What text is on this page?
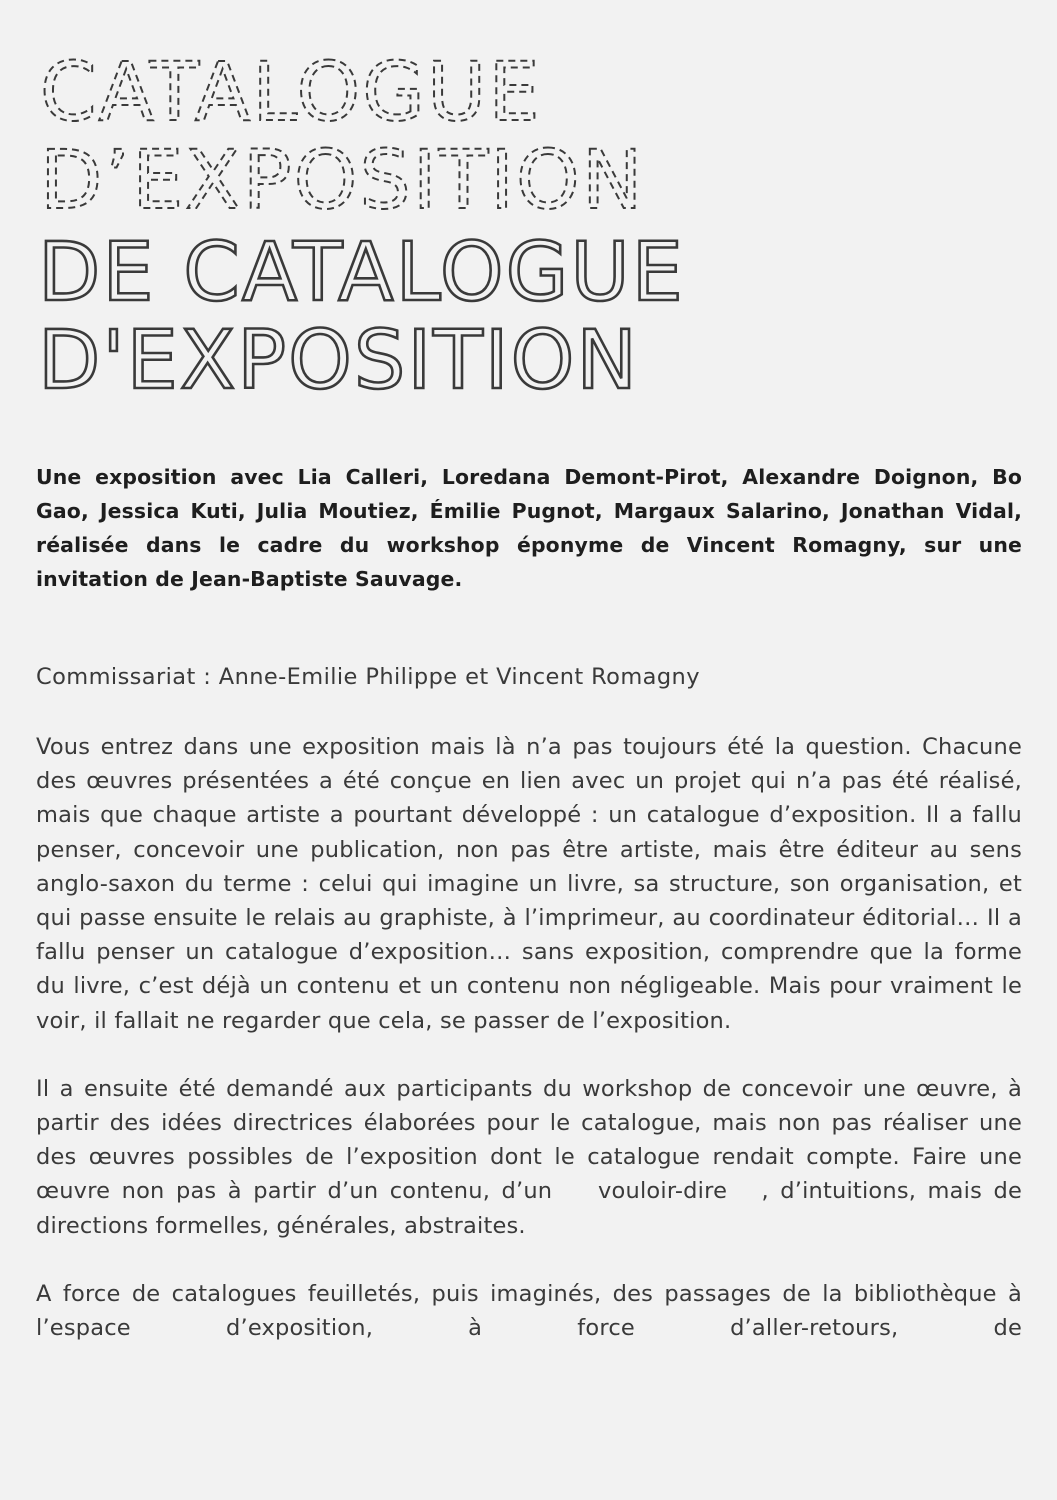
CATALOGUE
D’EXPOSITION
DE CATALOGUE
D'EXPOSITION

Une exposition avec Lia Calleri, Loredana Demont-Pirot, Alexandre Doignon, Bo Gao, Jessica Kuti, Julia Moutiez, Émilie Pugnot, Margaux Salarino, Jonathan Vidal, réalisée dans le cadre du workshop éponyme de Vincent Romagny, sur une invitation de Jean-Baptiste Sauvage.

Commissariat : Anne-Emilie Philippe et Vincent Romagny

Vous entrez dans une exposition mais là n’a pas toujours été la question. Chacune des œuvres présentées a été conçue en lien avec un projet qui n’a pas été réalisé, mais que chaque artiste a pourtant développé : un catalogue d’exposition. Il a fallu penser, concevoir une publication, non pas être artiste, mais être éditeur au sens anglo-saxon du terme : celui qui imagine un livre, sa structure, son organisation, et qui passe ensuite le relais au graphiste, à l’imprimeur, au coordinateur éditorial… Il a fallu penser un catalogue d’exposition… sans exposition, comprendre que la forme du livre, c’est déjà un contenu et un contenu non négligeable. Mais pour vraiment le voir, il fallait ne regarder que cela, se passer de l’exposition.

Il a ensuite été demandé aux participants du workshop de concevoir une œuvre, à partir des idées directrices élaborées pour le catalogue, mais non pas réaliser une des œuvres possibles de l’exposition dont le catalogue rendait compte. Faire une œuvre non pas à partir d’un contenu, d’un    vouloir-dire   , d’intuitions, mais de directions formelles, générales, abstraites.

A force de catalogues feuilletés, puis imaginés, des passages de la bibliothèque à l’espace d’exposition, à force d’aller-retours, de
